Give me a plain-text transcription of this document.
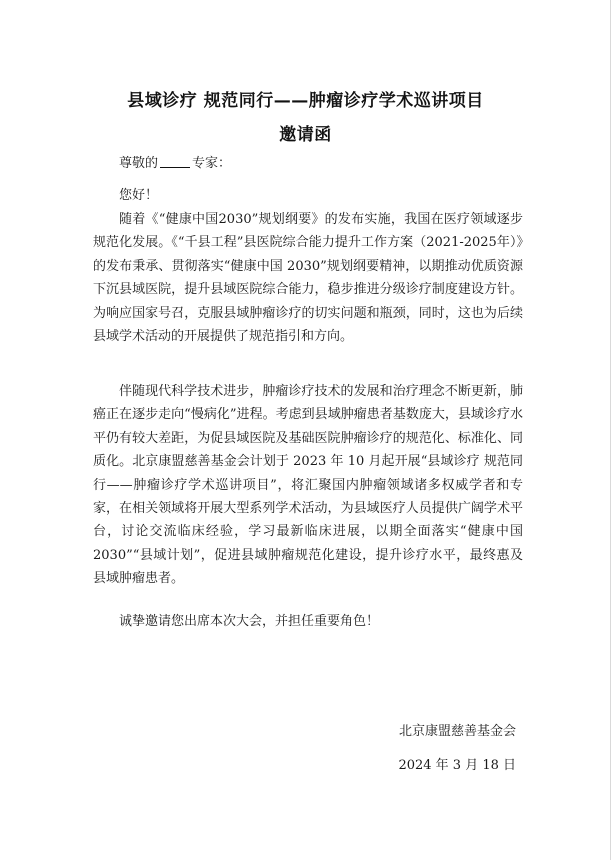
县域诊疗 规范同行——肿瘤诊疗学术巡讲项目
邀请函
尊敬的	专家：
您好！

随着《“健康中国2030”规划纲要》的发布实施，我国在医疗领域逐步规范化发展。《“千县工程”县医院综合能力提升工作方案（2021-2025年）》的发布秉承、贯彻落实“健康中国 2030”规划纲要精神，以期推动优质资源下沉县域医院，提升县域医院综合能力，稳步推进分级诊疗制度建设方针。为响应国家号召，克服县域肿瘤诊疗的切实问题和瓶颈，同时，这也为后续县域学术活动的开展提供了规范指引和方向。

伴随现代科学技术进步，肿瘤诊疗技术的发展和治疗理念不断更新，肺癌正在逐步走向“慢病化”进程。考虑到县域肿瘤患者基数庞大，县域诊疗水平仍有较大差距，为促县域医院及基础医院肿瘤诊疗的规范化、标准化、同质化。北京康盟慈善基金会计划于 2023 年 10 月起开展“县域诊疗 规范同行——肿瘤诊疗学术巡讲项目”，将汇聚国内肿瘤领域诸多权威学者和专家，在相关领域将开展大型系列学术活动，为县域医疗人员提供广阔学术平台，讨论交流临床经验，学习最新临床进展，以期全面落实“健康中国 2030”“县域计划”，促进县域肿瘤规范化建设，提升诊疗水平，最终惠及县域肿瘤患者。

诚挚邀请您出席本次大会，并担任重要角色！
北京康盟慈善基金会
2024 年 3 月 18 日
